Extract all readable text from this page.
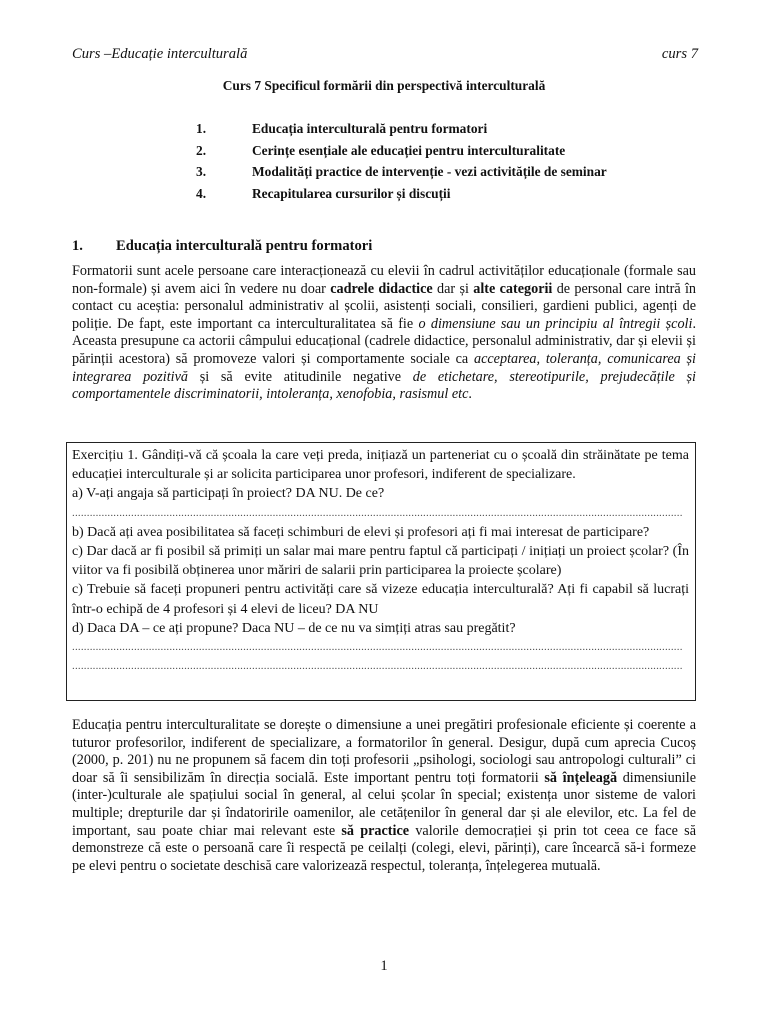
Curs –Educație interculturală	curs 7
Curs 7 Specificul formării din perspectivă interculturală
1.	Educația interculturală pentru formatori
2.	Cerințe esențiale ale educației pentru interculturalitate
3.	Modalități practice de intervenție - vezi activitățile de seminar
4.	Recapitularea cursurilor și discuții
1.	Educația interculturală pentru formatori
Formatorii sunt acele persoane care interacționează cu elevii în cadrul activităților educaționale (formale sau non-formale) și avem aici în vedere nu doar cadrele didactice dar și alte categorii de personal care intră în contact cu aceștia: personalul administrativ al școlii, asistenți sociali, consilieri, gardieni publici, agenți de poliție. De fapt, este important ca interculturalitatea să fie o dimensiune sau un principiu al întregii școli. Aceasta presupune ca actorii câmpului educațional (cadrele didactice, personalul administrativ, dar și elevii și părinții acestora) să promoveze valori și comportamente sociale ca acceptarea, toleranța, comunicarea și integrarea pozitivă și să evite atitudinile negative de etichetare, stereotipurile, prejudecățile și comportamentele discriminatorii, intoleranța, xenofobia, rasismul etc.
Exercițiu 1. Gândiți-vă că școala la care veți preda, inițiază un parteneriat cu o școală din străinătate pe tema educației interculturale și ar solicita participarea unor profesori, indiferent de specializare.
a) V-ați angaja să participați în proiect? DA NU. De ce?
...............................................................................................................................................................................................................
b) Dacă ați avea posibilitatea să faceți schimburi de elevi și profesori ați fi mai interesat de participare?
c) Dar dacă ar fi posibil să primiți un salar mai mare pentru faptul că participați / inițiați un proiect școlar? (În viitor va fi posibilă obținerea unor măriri de salarii prin participarea la proiecte școlare)
c) Trebuie să faceți propuneri pentru activități care să vizeze educația interculturală? Ați fi capabil să lucrați într-o echipă de 4 profesori și 4 elevi de liceu? DA NU
d) Daca DA – ce ați propune? Daca NU – de ce nu va simțiți atras sau pregătit?
...............................................................................................................................................................................................................
...............................................................................................................................................................................................................
Educația pentru interculturalitate se dorește o dimensiune a unei pregătiri profesionale eficiente și coerente a tuturor profesorilor, indiferent de specializare, a formatorilor în general. Desigur, după cum aprecia Cucoș (2000, p. 201) nu ne propunem să facem din toți profesorii „psihologi, sociologi sau antropologi culturali” ci doar să îi sensibilizăm în direcția socială. Este important pentru toți formatorii să înțeleagă dimensiunile (inter-)culturale ale spațiului social în general, al celui școlar în special; existența unor sisteme de valori multiple; drepturile dar și îndatoririle oamenilor, ale cetățenilor în general dar și ale elevilor, etc. La fel de important, sau poate chiar mai relevant este să practice valorile democrației și prin tot ceea ce face să demonstreze că este o persoană care îi respectă pe ceilalți (colegi, elevi, părinți), care încearcă să-i formeze pe elevi pentru o societate deschisă care valorizează respectul, toleranța, înțelegerea mutuală.
1
